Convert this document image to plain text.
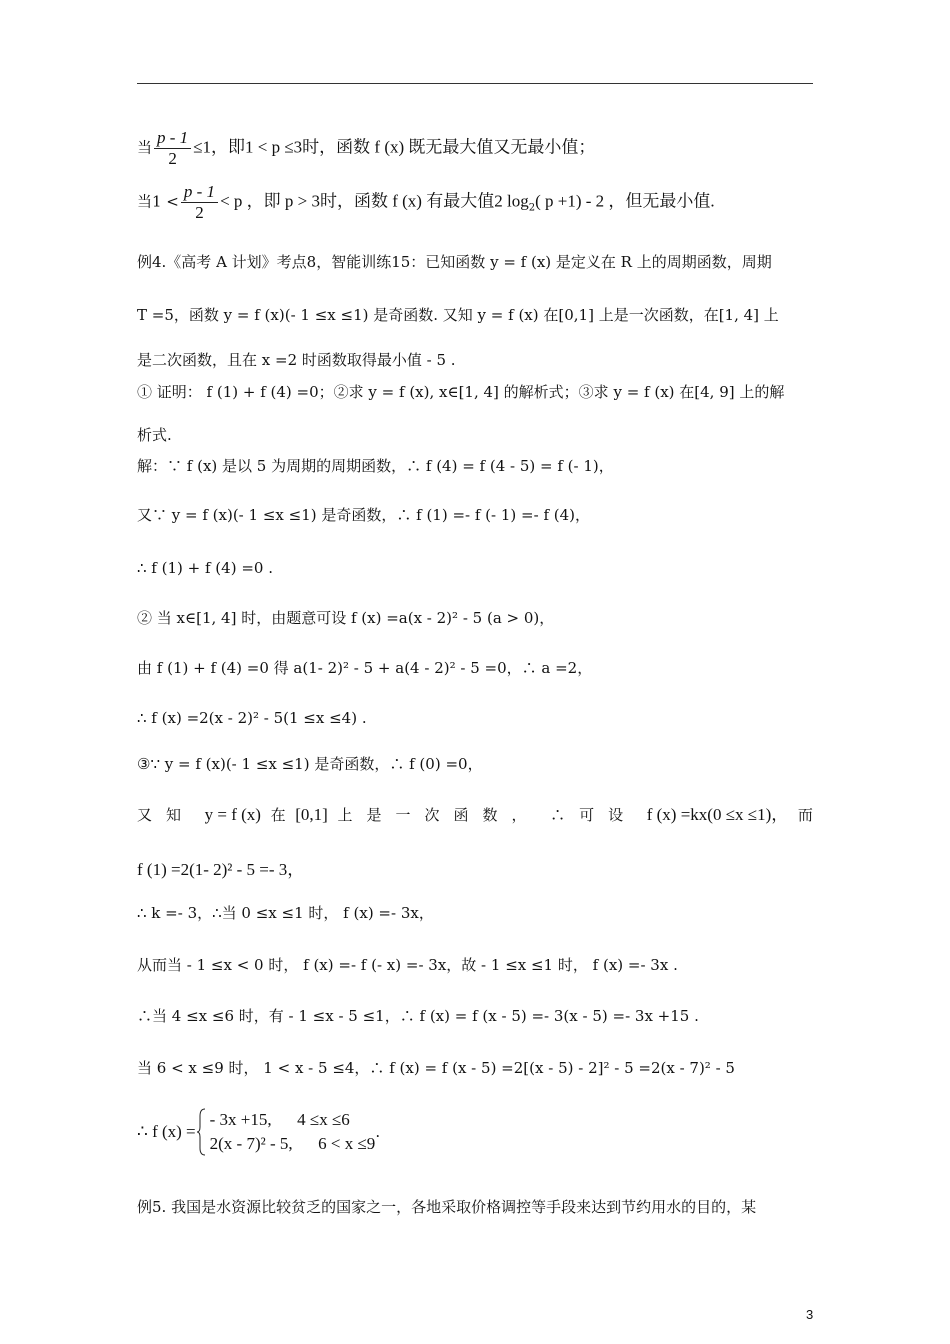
当 $\frac{p - 1}{2} \le 1$，即1 < p ≤3时，函数 f (x) 既无最大值又无最小值；
当$1 < \frac{p - 1}{2} < p$ ，即 p > 3时，函数 f (x) 有最大值2 $\log_2$( p +1) - 2 ，但无最小值.
例4.《高考 A 计划》考点8，智能训练15：已知函数 y = f (x) 是定义在 R 上的周期函数，周期
T =5，函数 y = f (x)(- 1 ≤x ≤1) 是奇函数. 又知 y = f (x) 在[0,1] 上是一次函数，在[1, 4] 上
是二次函数，且在 x =2 时函数取得最小值 - 5 .
① 证明： f (1) + f (4) =0；②求 y = f (x), x∈[1, 4] 的解析式；③求 y = f (x) 在[4, 9] 上的解
析式.
解：∵ f (x) 是以 5 为周期的周期函数，∴ f (4) = f (4 - 5) = f (- 1)，
又∵ y = f (x)(- 1 ≤x ≤1) 是奇函数，∴ f (1) =- f (- 1) =- f (4)，
∴ f (1) + f (4) =0 .
② 当 x∈[1, 4] 时，由题意可设 f (x) =a(x - 2)² - 5 (a > 0)，
由 f (1) + f (4) =0 得 a(1- 2)² - 5 + a(4 - 2)² - 5 =0，∴ a =2，
∴ f (x) =2(x - 2)² - 5(1 ≤x ≤4) .
③∵ y = f (x)(- 1 ≤x ≤1) 是奇函数，∴ f (0) =0，
又知 y = f (x) 在 [0,1] 上是一次函数， ∴可设 f (x) =kx(0 ≤x ≤1)， 而
f (1) =2(1- 2)² - 5 =- 3，
∴ k =- 3，∴当 0 ≤x ≤1 时， f (x) =- 3x，
从而当 - 1 ≤x < 0 时， f (x) =- f (- x) =- 3x，故 - 1 ≤x ≤1 时， f (x) =- 3x .
∴当 4 ≤x ≤6 时，有 - 1 ≤x - 5 ≤1，∴ f (x) = f (x - 5) =- 3(x - 5) =- 3x +15 .
当 6 < x ≤9 时， 1 < x - 5 ≤4，∴ f (x) = f (x - 5) =2[(x - 5) - 2]² - 5 =2(x - 7)² - 5
∴ f (x) =
- 3x +15,      4 ≤x ≤6
2(x - 7)² - 5,      6 < x ≤9
.
例5. 我国是水资源比较贫乏的国家之一，各地采取价格调控等手段来达到节约用水的目的，某
3
